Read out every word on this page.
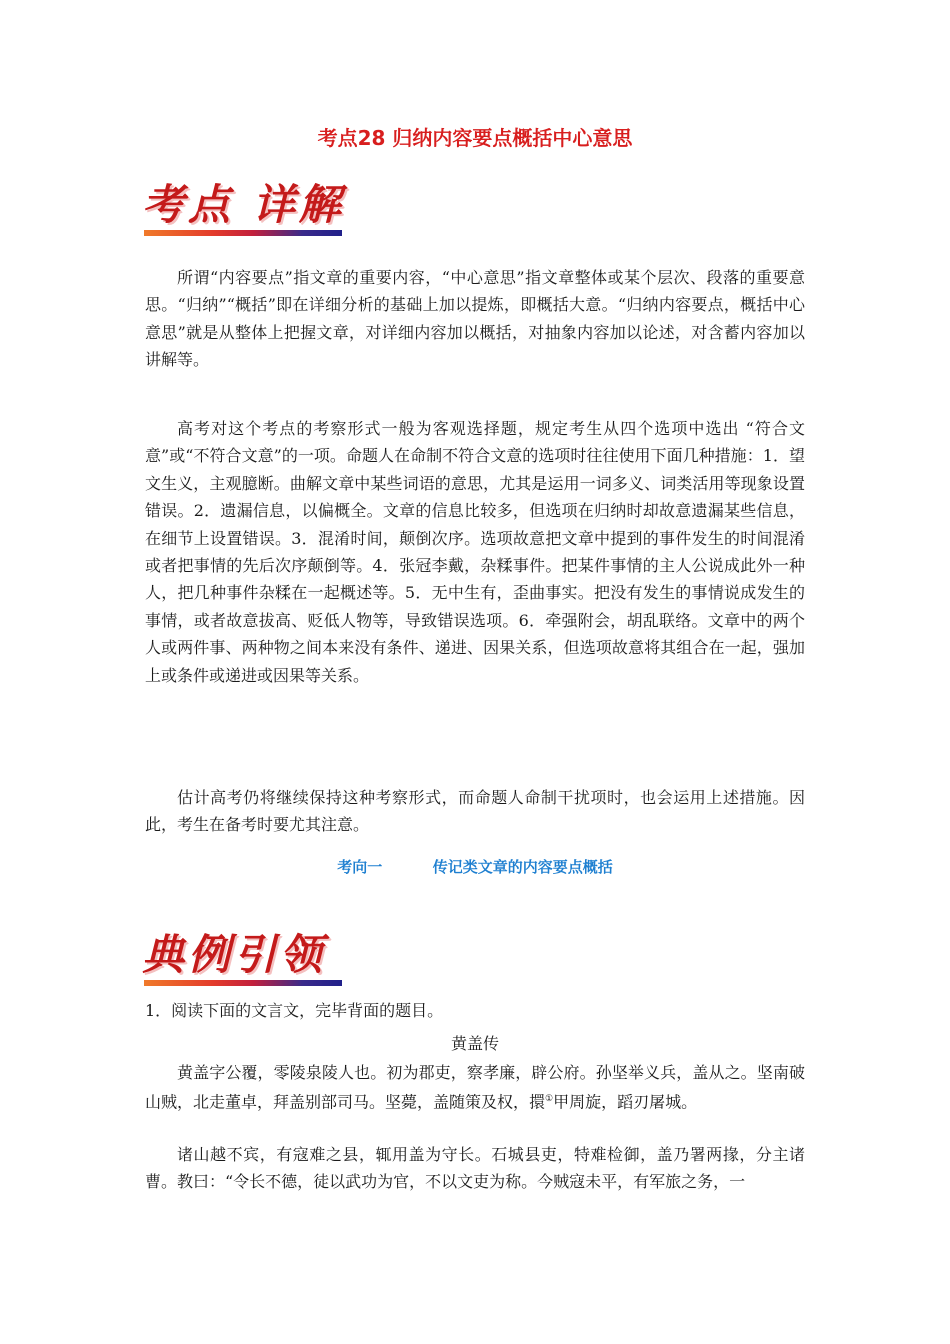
考点28 归纳内容要点概括中心意思
考点 详解

所谓“内容要点”指文章的重要内容，“中心意思”指文章整体或某个层次、段落的重要意思。“归纳”“概括”即在详细分析的基础上加以提炼，即概括大意。“归纳内容要点，概括中心意思”就是从整体上把握文章，对详细内容加以概括，对抽象内容加以论述，对含蓄内容加以讲解等。

高考对这个考点的考察形式一般为客观选择题，规定考生从四个选项中选出 “符合文意”或“不符合文意”的一项。命题人在命制不符合文意的选项时往往使用下面几种措施：1．望文生义，主观臆断。曲解文章中某些词语的意思，尤其是运用一词多义、词类活用等现象设置错误。2．遗漏信息，以偏概全。文章的信息比较多，但选项在归纳时却故意遗漏某些信息，在细节上设置错误。3．混淆时间，颠倒次序。选项故意把文章中提到的事件发生的时间混淆或者把事情的先后次序颠倒等。4．张冠李戴，杂糅事件。把某件事情的主人公说成此外一种人，把几种事件杂糅在一起概述等。5．无中生有，歪曲事实。把没有发生的事情说成发生的事情，或者故意拔高、贬低人物等，导致错误选项。6．牵强附会，胡乱联络。文章中的两个人或两件事、两种物之间本来没有条件、递进、因果关系，但选项故意将其组合在一起，强加上或条件或递进或因果等关系。

估计高考仍将继续保持这种考察形式，而命题人命制干扰项时，也会运用上述措施。因此，考生在备考时要尤其注意。

考向一	传记类文章的内容要点概括
典例引领
1．阅读下面的文言文，完毕背面的题目。
黄盖传

黄盖字公覆，零陵泉陵人也。初为郡吏，察孝廉，辟公府。孙坚举义兵，盖从之。坚南破山贼，北走董卓，拜盖别部司马。坚薨，盖随策及权，擐①甲周旋，蹈刃屠城。

诸山越不宾，有寇难之县，辄用盖为守长。石城县吏，特难检御，盖乃署两掾，分主诸曹。教曰：“令长不德，徒以武功为官，不以文吏为称。今贼寇未平，有军旅之务，一
